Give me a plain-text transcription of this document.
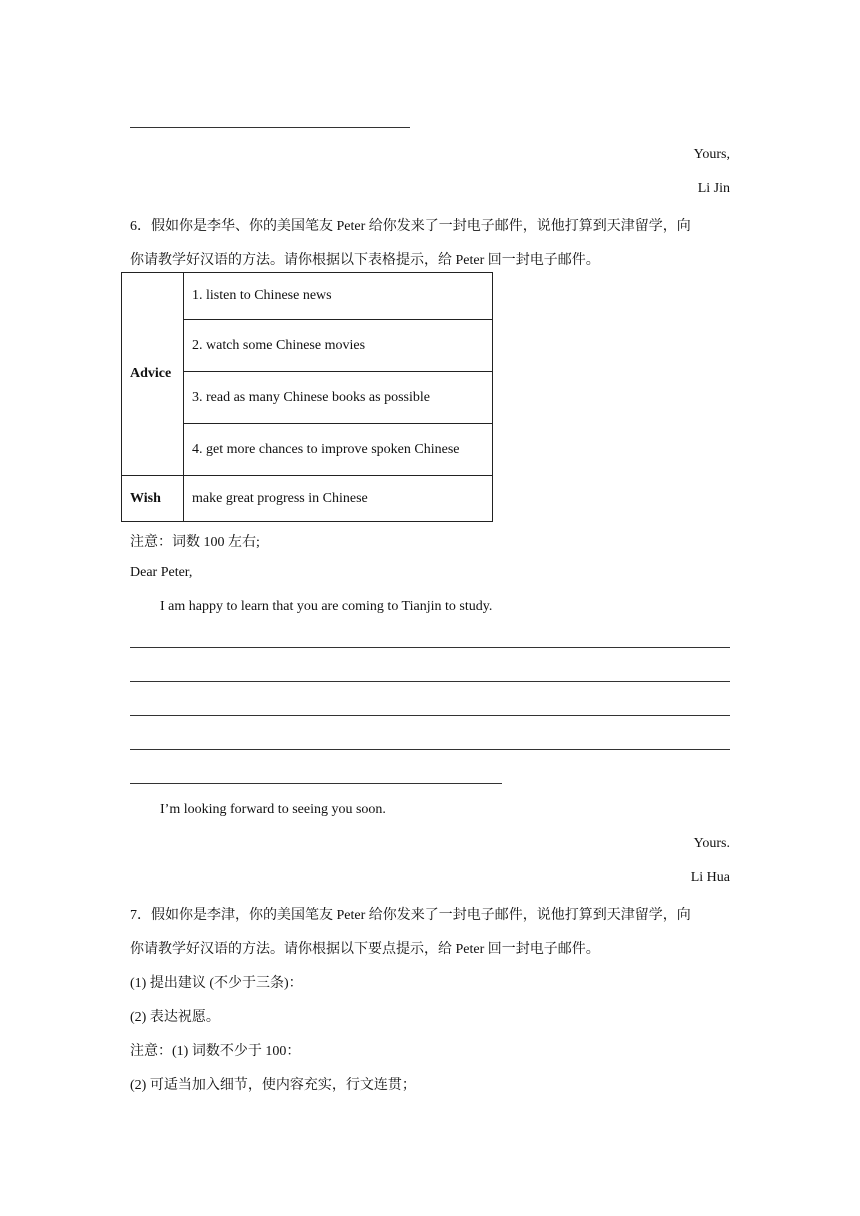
Yours,
Li Jin
6．假如你是李华、你的美国笔友 Peter 给你发来了一封电子邮件，说他打算到天津留学，向
你请教学好汉语的方法。请你根据以下表格提示，给 Peter 回一封电子邮件。
Advice	1. listen to Chinese news
	2. watch some Chinese movies
	3. read as many Chinese books as possible
	4. get more chances to improve spoken Chinese
Wish	make great progress in Chinese
注意：词数 100 左右;
Dear Peter,
I am happy to learn that you are coming to Tianjin to study.
I’m looking forward to seeing you soon.
Yours.
Li Hua
7．假如你是李津，你的美国笔友 Peter 给你发来了一封电子邮件，说他打算到天津留学，向
你请教学好汉语的方法。请你根据以下要点提示，给 Peter 回一封电子邮件。
(1) 提出建议 (不少于三条)：
(2) 表达祝愿。
注意：(1) 词数不少于 100：
(2) 可适当加入细节，使内容充实，行文连贯；
